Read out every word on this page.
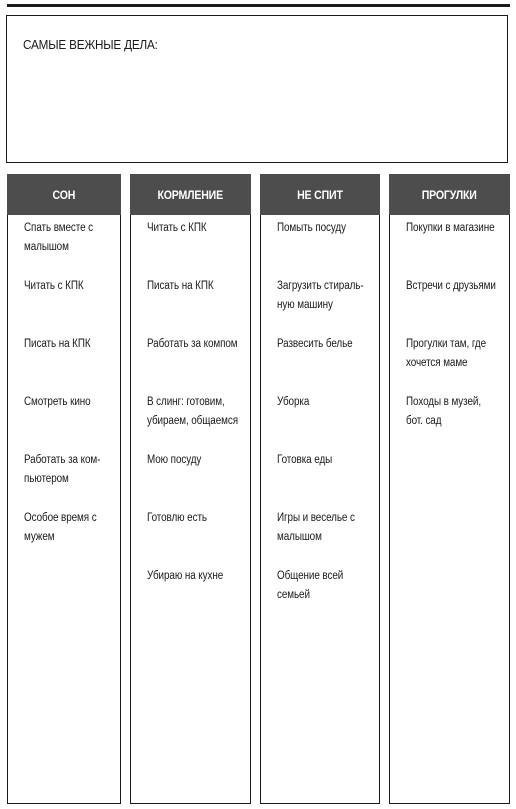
САМЫЕ ВЕЖНЫЕ ДЕЛА:
СОН
Спать вместе с
малышом
Читать с КПК
Писать на КПК
Смотреть кино
Работать за ком-
пьютером
Особое время с
мужем
КОРМЛЕНИЕ
Читать с КПК
Писать на КПК
Работать за компом
В слинг: готовим,
убираем, общаемся
Мою посуду
Готовлю есть
Убираю на кухне
НЕ СПИТ
Помыть посуду
Загрузить стираль-
ную машину
Развесить белье
Уборка
Готовка еды
Игры и веселье с
малышом
Общение всей
семьей
ПРОГУЛКИ
Покупки в магазине
Встречи с друзьями
Прогулки там, где
хочется маме
Походы в музей,
бот. сад
